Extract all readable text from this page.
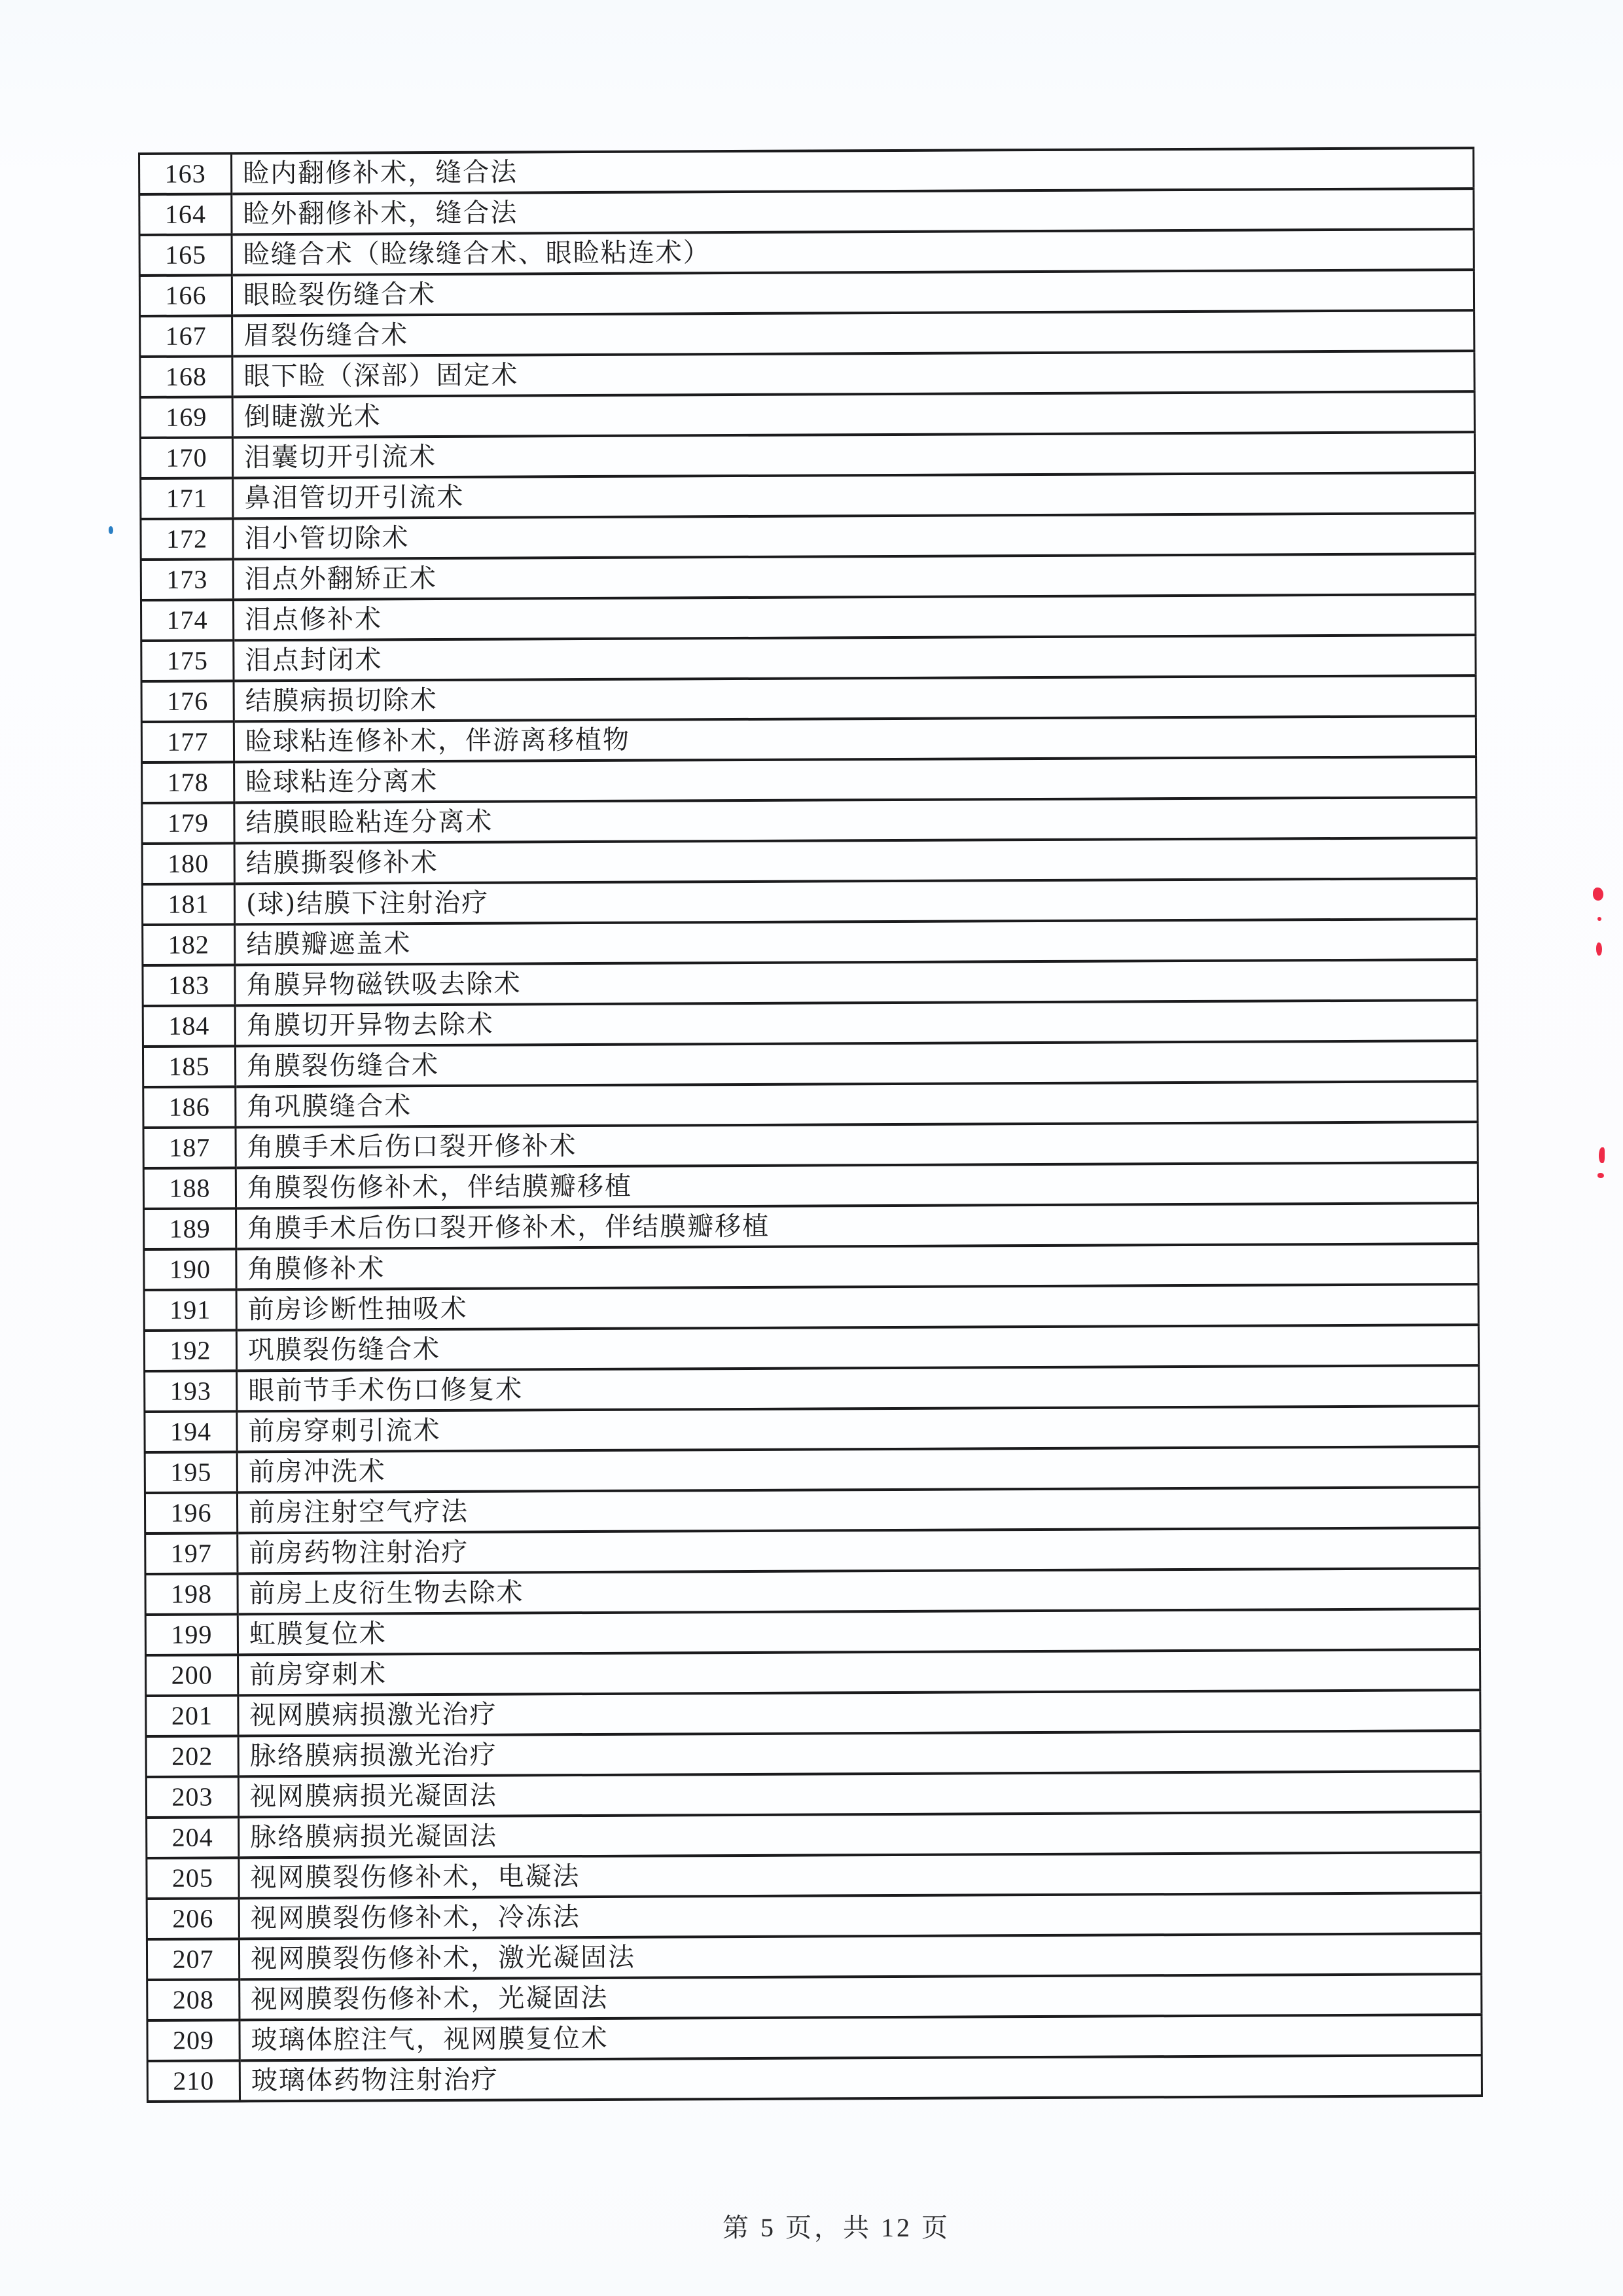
163	睑内翻修补术，缝合法
164	睑外翻修补术，缝合法
165	睑缝合术（睑缘缝合术、眼睑粘连术）
166	眼睑裂伤缝合术
167	眉裂伤缝合术
168	眼下睑（深部）固定术
169	倒睫激光术
170	泪囊切开引流术
171	鼻泪管切开引流术
172	泪小管切除术
173	泪点外翻矫正术
174	泪点修补术
175	泪点封闭术
176	结膜病损切除术
177	睑球粘连修补术，伴游离移植物
178	睑球粘连分离术
179	结膜眼睑粘连分离术
180	结膜撕裂修补术
181	(球)结膜下注射治疗
182	结膜瓣遮盖术
183	角膜异物磁铁吸去除术
184	角膜切开异物去除术
185	角膜裂伤缝合术
186	角巩膜缝合术
187	角膜手术后伤口裂开修补术
188	角膜裂伤修补术，伴结膜瓣移植
189	角膜手术后伤口裂开修补术，伴结膜瓣移植
190	角膜修补术
191	前房诊断性抽吸术
192	巩膜裂伤缝合术
193	眼前节手术伤口修复术
194	前房穿刺引流术
195	前房冲洗术
196	前房注射空气疗法
197	前房药物注射治疗
198	前房上皮衍生物去除术
199	虹膜复位术
200	前房穿刺术
201	视网膜病损激光治疗
202	脉络膜病损激光治疗
203	视网膜病损光凝固法
204	脉络膜病损光凝固法
205	视网膜裂伤修补术，电凝法
206	视网膜裂伤修补术，冷冻法
207	视网膜裂伤修补术，激光凝固法
208	视网膜裂伤修补术，光凝固法
209	玻璃体腔注气，视网膜复位术
210	玻璃体药物注射治疗
第 5 页，共 12 页
